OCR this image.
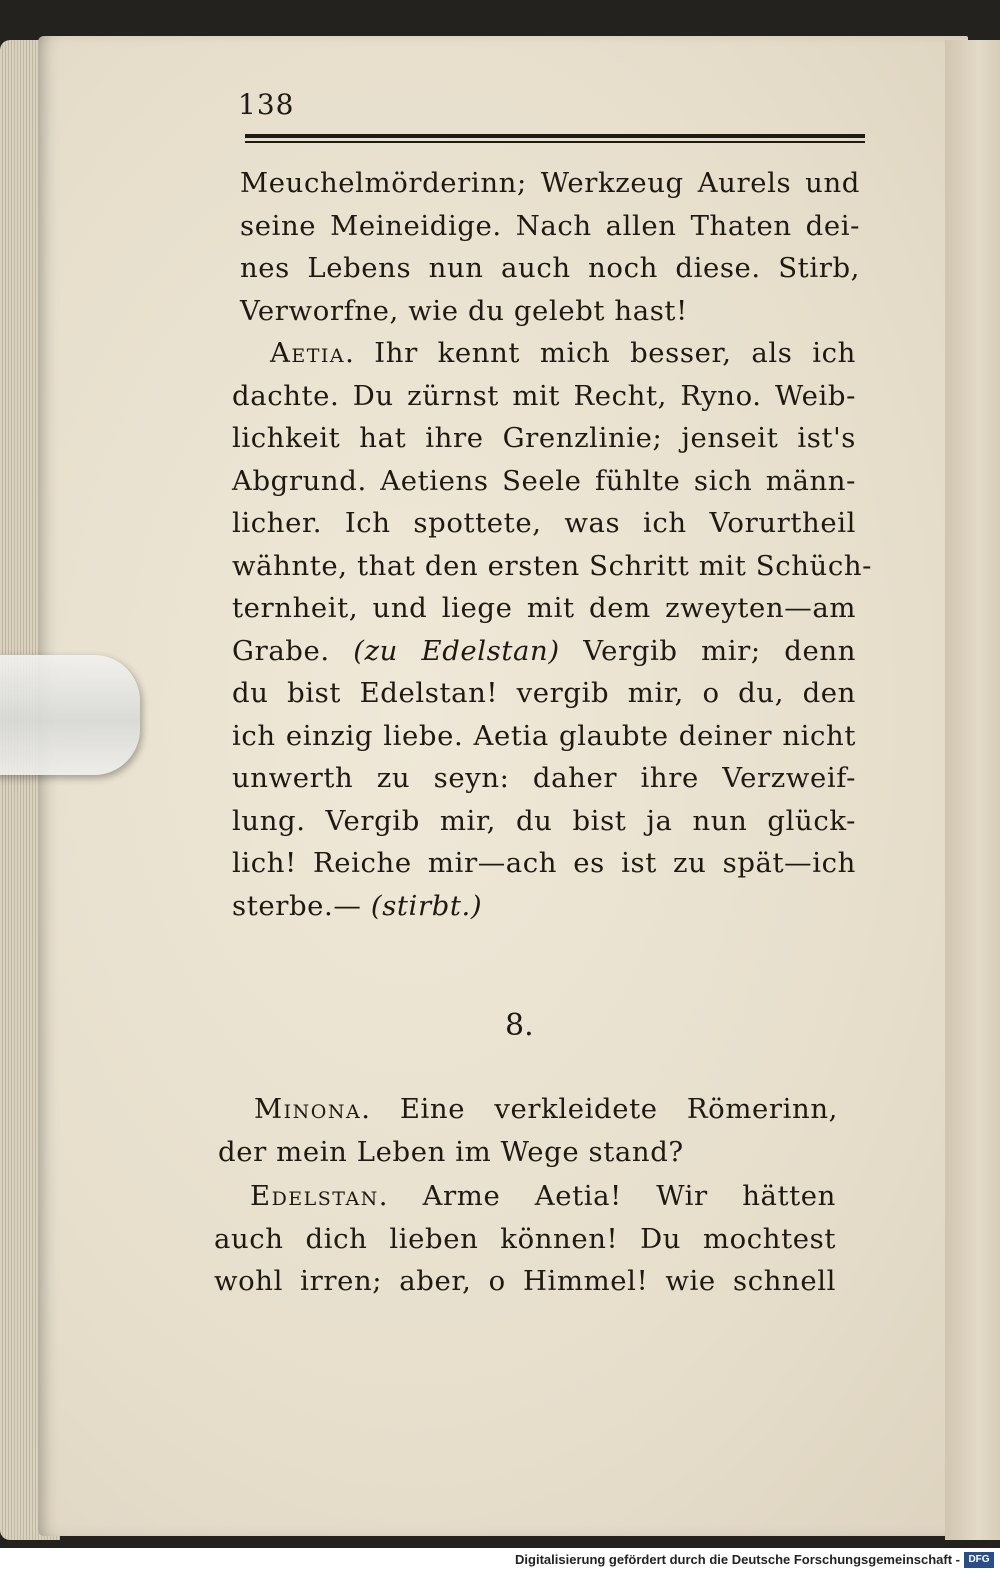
138
Meuchelmörderinn; Werkzeug Aurels und
seine Meineidige. Nach allen Thaten dei-
nes Lebens nun auch noch diese. Stirb,
Verworfne, wie du gelebt hast!
Aetia. Ihr kennt mich besser, als ich
dachte. Du zürnst mit Recht, Ryno. Weib-
lichkeit hat ihre Grenzlinie; jenseit ist's
Abgrund. Aetiens Seele fühlte sich männ-
licher. Ich spottete, was ich Vorurtheil
wähnte, that den ersten Schritt mit Schüch-
ternheit, und liege mit dem zweyten—am
Grabe. (zu Edelstan) Vergib mir; denn
du bist Edelstan! vergib mir, o du, den
ich einzig liebe. Aetia glaubte deiner nicht
unwerth zu seyn: daher ihre Verzweif-
lung. Vergib mir, du bist ja nun glück-
lich! Reiche mir—ach es ist zu spät—ich
sterbe.— (stirbt.)
8.
Minona. Eine verkleidete Römerinn,
der mein Leben im Wege stand?
Edelstan. Arme Aetia! Wir hätten
auch dich lieben können! Du mochtest
wohl irren; aber, o Himmel! wie schnell
Digitalisierung gefördert durch die Deutsche Forschungsgemeinschaft - DFG
